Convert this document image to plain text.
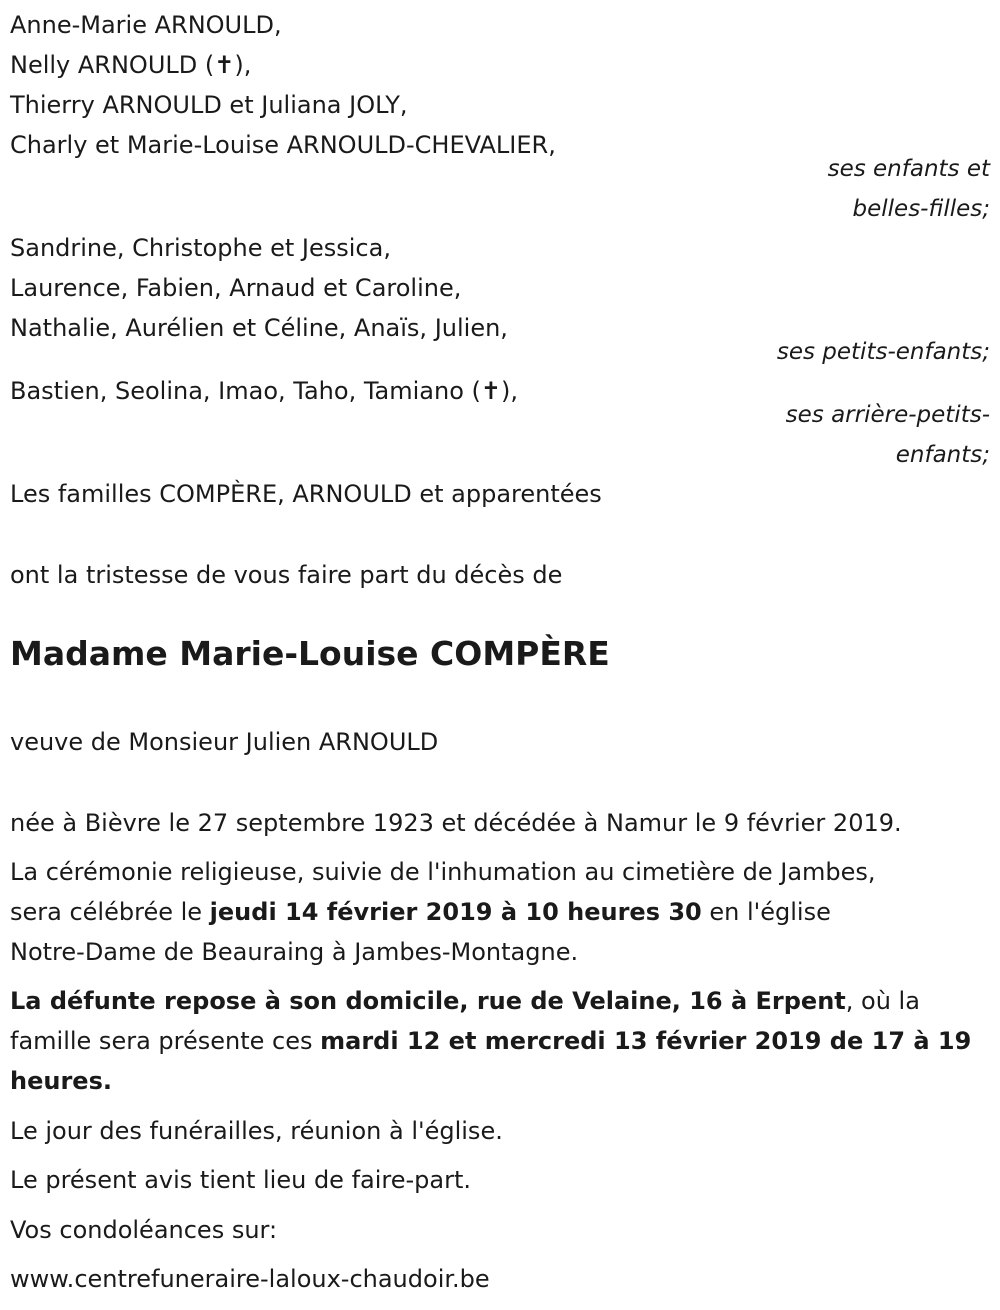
Anne-Marie ARNOULD,
Nelly ARNOULD (✝),
Thierry ARNOULD et Juliana JOLY,
Charly et Marie-Louise ARNOULD-CHEVALIER,
ses enfants et
belles-filles;
Sandrine, Christophe et Jessica,
Laurence, Fabien, Arnaud et Caroline,
Nathalie, Aurélien et Céline, Anaïs, Julien,
ses petits-enfants;
Bastien, Seolina, Imao, Taho, Tamiano (✝),
ses arrière-petits-
enfants;
Les familles COMPÈRE, ARNOULD et apparentées
ont la tristesse de vous faire part du décès de
Madame Marie-Louise COMPÈRE
veuve de Monsieur Julien ARNOULD
née à Bièvre le 27 septembre 1923 et décédée à Namur le 9 février 2019.
La cérémonie religieuse, suivie de l'inhumation au cimetière de Jambes,
sera célébrée le jeudi 14 février 2019 à 10 heures 30 en l'église
Notre-Dame de Beauraing à Jambes-Montagne.
La défunte repose à son domicile, rue de Velaine, 16 à Erpent, où la
famille sera présente ces mardi 12 et mercredi 13 février 2019 de 17 à 19
heures.
Le jour des funérailles, réunion à l'église.
Le présent avis tient lieu de faire-part.
Vos condoléances sur:
www.centrefuneraire-laloux-chaudoir.be
